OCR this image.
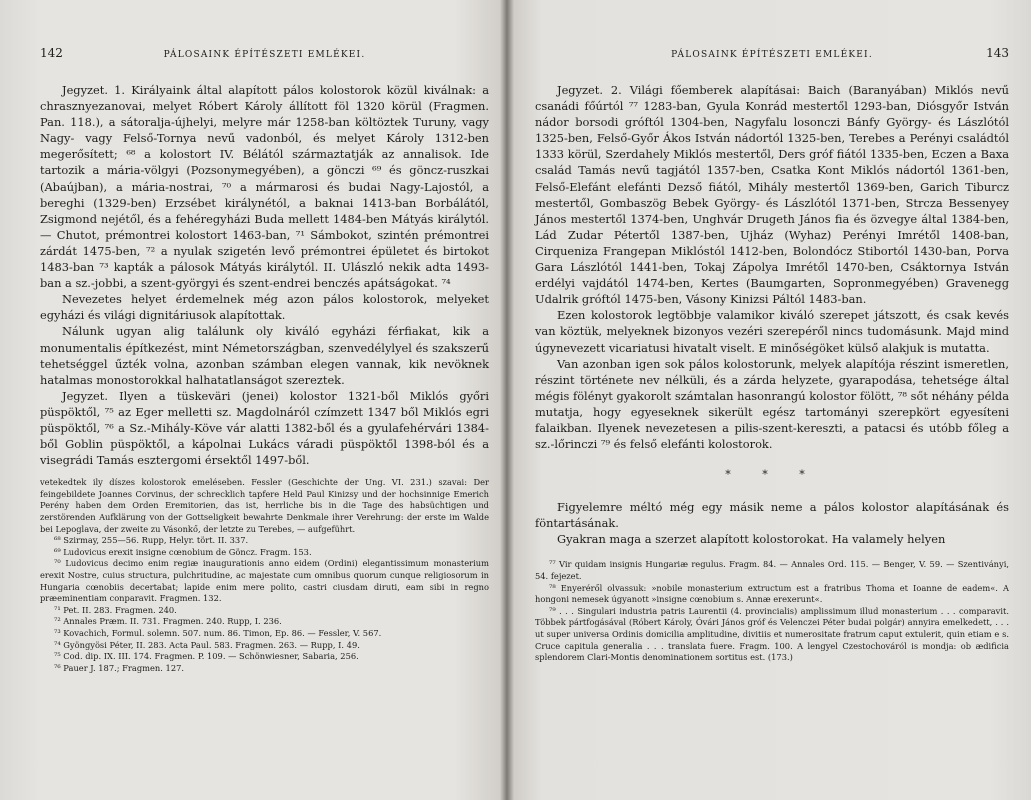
142	PÁLOSAINK ÉPÍTÉSZETI EMLÉKEI.

Jegyzet. 1. Királyaink által alapított pálos kolostorok közül kiválnak: a chrasznyezanovai, melyet Róbert Károly állított föl 1320 körül (Fragmen. Pan. 118.), a sátoralja-újhelyi, melyre már 1258-ban költöztek Turuny, vagy Nagy- vagy Felső-Tornya nevű vadonból, és melyet Károly 1312-ben megerősített; ⁶⁸ a kolostort IV. Bélától származtatják az annalisok. Ide tartozik a mária-völgyi (Pozsonymegyében), a gönczi ⁶⁹ és göncz-ruszkai (Abaújban), a mária-nostrai, ⁷⁰ a mármarosi és budai Nagy-Lajostól, a bereghi (1329-ben) Erzsébet királynétól, a baknai 1413-ban Borbálától, Zsigmond nejétől, és a fehéregyházi Buda mellett 1484-ben Mátyás királytól. — Chutot, prémontrei kolostort 1463-ban, ⁷¹ Sámbokot, szintén prémontrei zárdát 1475-ben, ⁷² a nyulak szigetén levő prémontrei épületet és birtokot 1483-ban ⁷³ kapták a pálosok Mátyás királytól. II. Ulászló nekik adta 1493-ban a sz.-jobbi, a szent-györgyi és szent-endrei benczés apátságokat. ⁷⁴

Nevezetes helyet érdemelnek még azon pálos kolostorok, melyeket egyházi és világi dignitáriusok alapítottak.

Nálunk ugyan alig találunk oly kiváló egyházi férfiakat, kik a monumentalis építkezést, mint Németországban, szenvedélylyel és szakszerű tehetséggel űzték volna, azonban számban elegen vannak, kik nevöknek hatalmas monostorokkal halhatatlanságot szereztek.

Jegyzet. Ilyen a tüskeväri (jenei) kolostor 1321-ből Miklós győri püspöktől, ⁷⁵ az Eger melletti sz. Magdolnáról czímzett 1347 ből Miklós egri püspöktől, ⁷⁶ a Sz.-Mihály-Köve vár alatti 1382-ből és a gyulafehérvári 1384-ből Goblin püspöktől, a kápolnai Lukács váradi püspöktől 1398-ból és a visegrádi Tamás esztergomi érsektől 1497-ből.

vetekedtek ily díszes kolostorok emeléseben. Fessler (Geschichte der Ung. VI. 231.) szavai: Der feingebildete Joannes Corvinus, der schrecklich tapfere Held Paul Kinizsy und der hochsinnige Emerich Perény haben dem Orden Eremitorien, das ist, herrliche bis in die Tage des habsüchtigen und zerstörenden Aufklärung von der Gottseligkeit bewahrte Denkmale ihrer Verehrung: der erste im Walde bei Lepoglava, der zweite zu Vásonkő, der letzte zu Terebes, — aufgeführt.
⁶⁸ Szirmay, 255—56. Rupp, Helyr. tört. II. 337.
⁶⁹ Ludovicus erexit insigne cœnobium de Göncz. Fragm. 153.
⁷⁰ Ludovicus decimo enim regiæ inaugurationis anno eidem (Ordini) elegantissimum monasterium erexit Nostre, cuius structura, pulchritudine, ac majestate cum omnibus quorum cunque religiosorum in Hungaria cœnobiis decertabat; lapide enim mere polito, castri ciusdam diruti, eam sibi in regno præeminentiam conparavit. Fragmen. 132.
⁷¹ Pet. II. 283. Fragmen. 240.
⁷² Annales Præm. II. 731. Fragmen. 240. Rupp, I. 236.
⁷³ Kovachich, Formul. solemn. 507. num. 86. Timon, Ep. 86. — Fessler, V. 567.
⁷⁴ Gyöngyösi Péter, II. 283. Acta Paul. 583. Fragmen. 263. — Rupp, I. 49.
⁷⁵ Cod. dip. IX. III. 174. Fragmen. P. 109. — Schönwiesner, Sabaria, 256.
⁷⁶ Pauer J. 187.; Fragmen. 127.
PÁLOSAINK ÉPÍTÉSZETI EMLÉKEI.	143

Jegyzet. 2. Világi főemberek alapításai: Baich (Baranyában) Miklós nevű csanádi főúrtól ⁷⁷ 1283-ban, Gyula Konrád mestertől 1293-ban, Diósgyőr István nádor borsodi gróftól 1304-ben, Nagyfalu losonczi Bánfy György- és Lászlótól 1325-ben, Felső-Győr Ákos István nádortól 1325-ben, Terebes a Perényi családtól 1333 körül, Szerdahely Miklós mestertől, Ders gróf fiától 1335-ben, Eczen a Baxa család Tamás nevű tagjától 1357-ben, Csatka Kont Miklós nádortól 1361-ben, Felső-Elefánt elefánti Dezső fiától, Mihály mestertől 1369-ben, Garich Tiburcz mestertől, Gombaszög Bebek György- és Lászlótól 1371-ben, Strcza Bessenyey János mestertől 1374-ben, Unghvár Drugeth János fia és özvegye által 1384-ben, Lád Zudar Pétertől 1387-ben, Ujház (Wyhaz) Perényi Imrétől 1408-ban, Cirqueniza Frangepan Miklóstól 1412-ben, Bolondócz Stibortól 1430-ban, Porva Gara Lászlótól 1441-ben, Tokaj Zápolya Imrétől 1470-ben, Csáktornya István erdélyi vajdától 1474-ben, Kertes (Baumgarten, Sopronmegyében) Gravenegg Udalrik gróftól 1475-ben, Vásony Kinizsi Páltól 1483-ban.

Ezen kolostorok legtöbbje valamikor kiváló szerepet játszott, és csak kevés van köztük, melyeknek bizonyos vezéri szerepéről nincs tudomásunk. Majd mind úgynevezett vicariatusi hivatalt viselt. E minőségöket külső alakjuk is mutatta.

Van azonban igen sok pálos kolostorunk, melyek alapítója részint ismeretlen, részint története nev nélküli, és a zárda helyzete, gyarapodása, tehetsége által mégis fölényt gyakorolt számtalan hasonrangú kolostor fölött, ⁷⁸ sőt néhány példa mutatja, hogy egyeseknek sikerült egész tartományi szerepkört egyesíteni falaikban. Ilyenek nevezetesen a pilis-szent-kereszti, a patacsi és utóbb főleg a sz.-lőrinczi ⁷⁹ és felső elefánti kolostorok.

* * *

Figyelemre méltó még egy másik neme a pálos kolostor alapításának és föntartásának.

Gyakran maga a szerzet alapított kolostorokat. Ha valamely helyen

⁷⁷ Vir quidam insignis Hungariæ regulus. Fragm. 84. — Annales Ord. 115. — Benger, V. 59. — Szentiványi, 54. fejezet.
⁷⁸ Enyeréről olvassuk: »nobile monasterium extructum est a fratribus Thoma et Ioanne de eadem«. A hongoni nemesek úgyanott »insigne cœnobium s. Annæ erexerunt«.
⁷⁹ . . . Singulari industria patris Laurentii (4. provincialis) amplissimum illud monasterium . . . comparavit. Többek pártfogásával (Róbert Károly, Óvári János gróf és Velenczei Péter budai polgár) annyira emelkedett, . . . ut super universa Ordinis domicilia amplitudine, divitiis et numerositate fratrum caput extulerit, quin etiam e s. Cruce capitula generalia . . . translata fuere. Fragm. 100. A lengyel Czestochováról is mondja: ob ædificia splendorem Clari-Montis denominationem sortitus est. (173.)
